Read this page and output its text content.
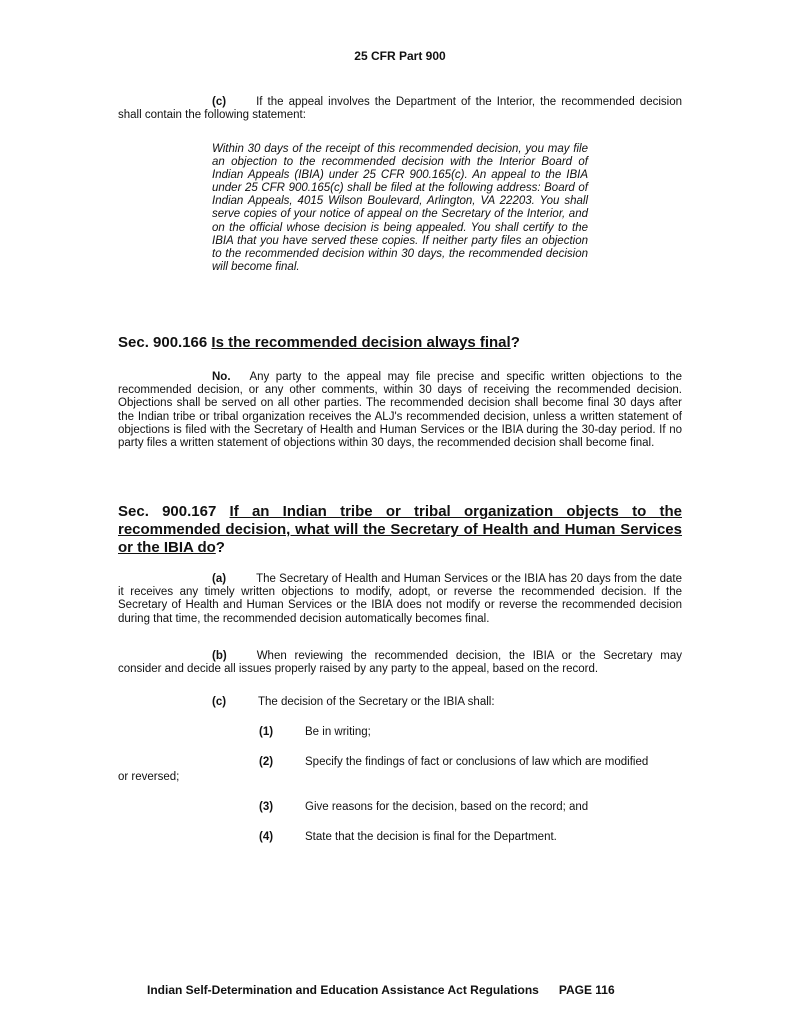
25 CFR Part 900

(c)	If the appeal involves the Department of the Interior, the recommended decision shall contain the following statement:

Within 30 days of the receipt of this recommended decision, you may file an objection to the recommended decision with the Interior Board of Indian Appeals (IBIA) under 25 CFR 900.165(c). An appeal to the IBIA under 25 CFR 900.165(c) shall be filed at the following address: Board of Indian Appeals, 4015 Wilson Boulevard, Arlington, VA 22203. You shall serve copies of your notice of appeal on the Secretary of the Interior, and on the official whose decision is being appealed. You shall certify to the IBIA that you have served these copies. If neither party files an objection to the recommended decision within 30 days, the recommended decision will become final.

Sec. 900.166 Is the recommended decision always final?

No. Any party to the appeal may file precise and specific written objections to the recommended decision, or any other comments, within 30 days of receiving the recommended decision. Objections shall be served on all other parties. The recommended decision shall become final 30 days after the Indian tribe or tribal organization receives the ALJ's recommended decision, unless a written statement of objections is filed with the Secretary of Health and Human Services or the IBIA during the 30-day period. If no party files a written statement of objections within 30 days, the recommended decision shall become final.

Sec. 900.167 If an Indian tribe or tribal organization objects to the recommended decision, what will the Secretary of Health and Human Services or the IBIA do?

(a)	The Secretary of Health and Human Services or the IBIA has 20 days from the date it receives any timely written objections to modify, adopt, or reverse the recommended decision. If the Secretary of Health and Human Services or the IBIA does not modify or reverse the recommended decision during that time, the recommended decision automatically becomes final.

(b)	When reviewing the recommended decision, the IBIA or the Secretary may consider and decide all issues properly raised by any party to the appeal, based on the record.

(c)	The decision of the Secretary or the IBIA shall:
(1)	Be in writing;
(2)	Specify the findings of fact or conclusions of law which are modified
or reversed;
(3)	Give reasons for the decision, based on the record; and
(4)	State that the decision is final for the Department.
Indian Self-Determination and Education Assistance Act Regulations PAGE 116
